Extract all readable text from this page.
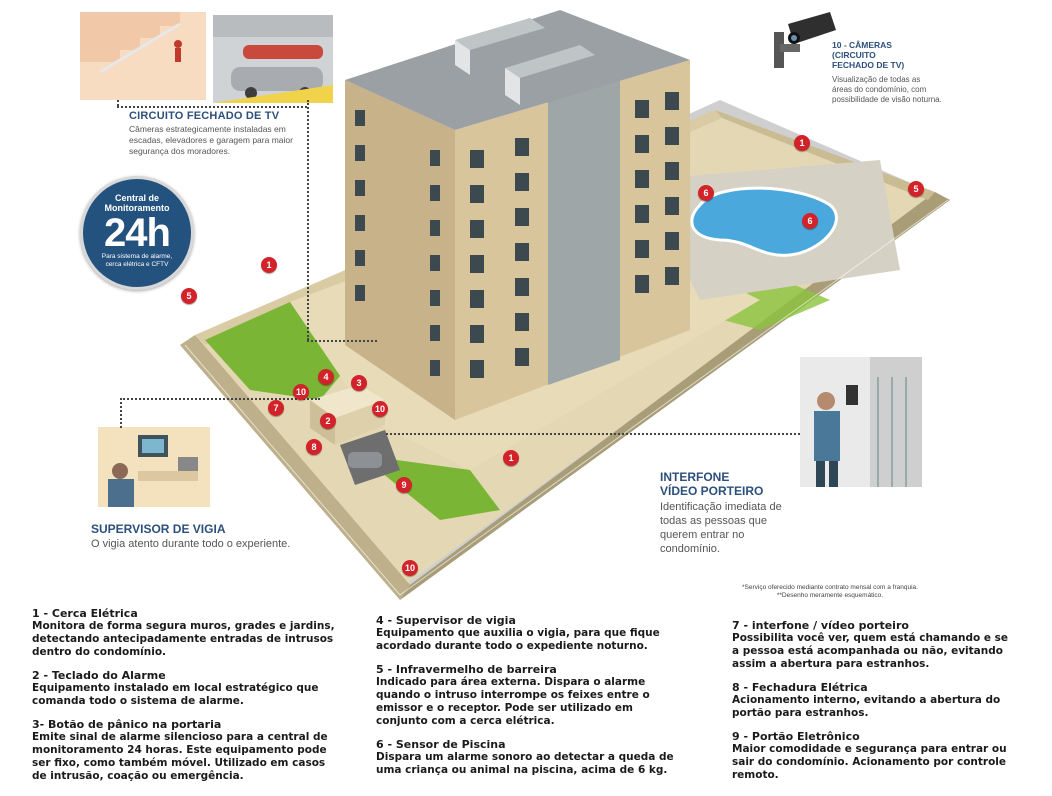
CIRCUITO FECHADO DE TV
Câmeras estrategicamente instaladas em escadas, elevadores e garagem para maior segurança dos moradores.
Central de
Monitoramento
24h
Para sistema de alarme,
cerca elétrica e CFTV
10 - CÂMERAS
(CIRCUITO
FECHADO DE TV)
Visualização de todas as áreas do condomínio, com possibilidade de visão noturna.
INTERFONE
VÍDEO PORTEIRO
Identificação imediata de todas as pessoas que querem entrar no condomínio.
SUPERVISOR DE VIGIA
O vigia atento durante todo o experiente.
*Serviço oferecido mediante contrato mensal com a franquia.
**Desenho meramente esquemático.
1
1
1
2
3
4
5
5
6
6
7
8
9
10
10
10
1 - Cerca Elétrica
Monitora de forma segura muros, grades e jardins, detectando antecipadamente entradas de intrusos dentro do condomínio.
2 - Teclado do Alarme
Equipamento instalado em local estratégico que comanda todo o sistema de alarme.
3- Botão de pânico na portaria
Emite sinal de alarme silencioso para a central de monitoramento 24 horas. Este equipamento pode ser fixo, como também móvel. Utilizado em casos de intrusão, coação ou emergência.
4 - Supervisor de vigia
Equipamento que auxilia o vigia, para que fique acordado durante todo o expediente noturno.
5 - Infravermelho de barreira
Indicado para área externa. Dispara o alarme quando o intruso interrompe os feixes entre o emissor e o receptor. Pode ser utilizado em conjunto com a cerca elétrica.
6 - Sensor de Piscina
Dispara um alarme sonoro ao detectar a queda de uma criança ou animal na piscina, acima de 6 kg.
7 - interfone / vídeo porteiro
Possibilita você ver, quem está chamando e se a pessoa está acompanhada ou não, evitando assim a abertura para estranhos.
8 - Fechadura Elétrica
Acionamento interno, evitando a abertura do portão para estranhos.
9 - Portão Eletrônico
Maior comodidade e segurança para entrar ou sair do condomínio. Acionamento por controle remoto.
